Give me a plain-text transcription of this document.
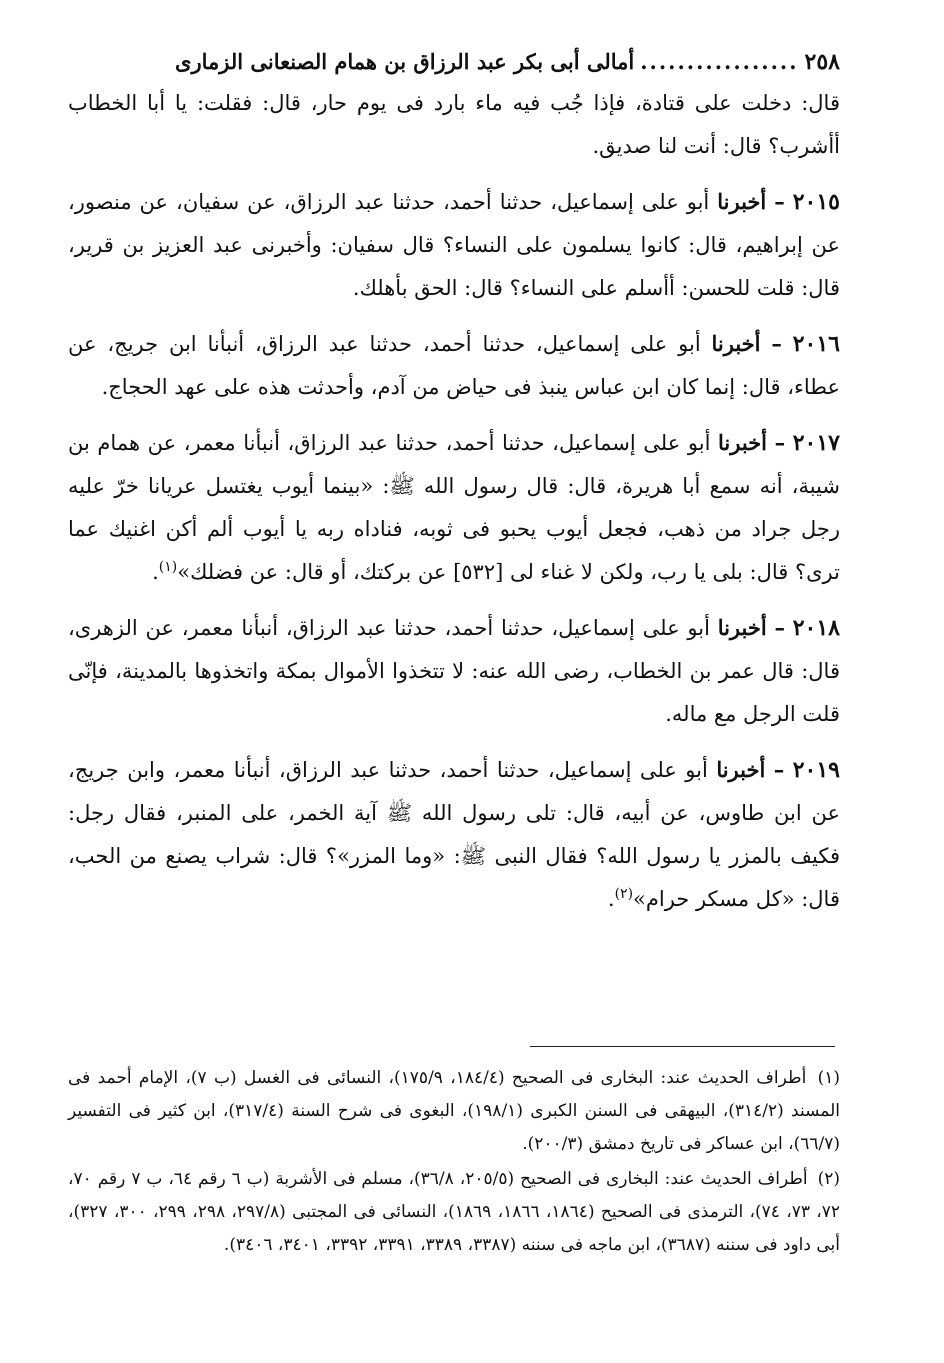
٢٥٨
.................
أمالى أبى بكر عبد الرزاق بن همام الصنعانى الزمارى

قال: دخلت على قتادة، فإذا جُب فيه ماء بارد فى يوم حار، قال: فقلت: يا أبا الخطاب أأشرب؟ قال: أنت لنا صديق.

٢٠١٥ – أخبرنا أبو على إسماعيل، حدثنا أحمد، حدثنا عبد الرزاق، عن سفيان، عن منصور، عن إبراهيم، قال: كانوا يسلمون على النساء؟ قال سفيان: وأخبرنى عبد العزيز بن قرير، قال: قلت للحسن: أأسلم على النساء؟ قال: الحق بأهلك.

٢٠١٦ – أخبرنا أبو على إسماعيل، حدثنا أحمد، حدثنا عبد الرزاق، أنبأنا ابن جريج، عن عطاء، قال: إنما كان ابن عباس ينبذ فى حياض من آدم، وأحدثت هذه على عهد الحجاج.

٢٠١٧ – أخبرنا أبو على إسماعيل، حدثنا أحمد، حدثنا عبد الرزاق، أنبأنا معمر، عن همام بن شيبة، أنه سمع أبا هريرة، قال: قال رسول الله ﷺ: «بينما أيوب يغتسل عريانا خرّ عليه رجل جراد من ذهب، فجعل أيوب يحبو فى ثوبه، فناداه ربه يا أيوب ألم أكن اغنيك عما ترى؟ قال: بلى يا رب، ولكن لا غناء لى [٥٣٢] عن بركتك، أو قال: عن فضلك»$^{(١)}$.

٢٠١٨ – أخبرنا أبو على إسماعيل، حدثنا أحمد، حدثنا عبد الرزاق، أنبأنا معمر، عن الزهرى، قال: قال عمر بن الخطاب، رضى الله عنه: لا تتخذوا الأموال بمكة واتخذوها بالمدينة، فإنّى قلت الرجل مع ماله.

٢٠١٩ – أخبرنا أبو على إسماعيل، حدثنا أحمد، حدثنا عبد الرزاق، أنبأنا معمر، وابن جريج، عن ابن طاوس، عن أبيه، قال: تلى رسول الله ﷺ آية الخمر، على المنبر، فقال رجل: فكيف بالمزر يا رسول الله؟ فقال النبى ﷺ: «وما المزر»؟ قال: شراب يصنع من الحب، قال: «كل مسكر حرام»$^{(٢)}$.

(١) أطراف الحديث عند: البخارى فى الصحيح (١٨٤/٤، ١٧٥/٩)، النسائى فى الغسل (ب ٧)، الإمام أحمد فى المسند (٣١٤/٢)، البيهقى فى السنن الكبرى (١٩٨/١)، البغوى فى شرح السنة (٣١٧/٤)، ابن كثير فى التفسير (٦٦/٧)، ابن عساكر فى تاريخ دمشق (٢٠٠/٣).

(٢) أطراف الحديث عند: البخارى فى الصحيح (٢٠٥/٥، ٣٦/٨)، مسلم فى الأشربة (ب ٦ رقم ٦٤، ب ٧ رقم ٧٠، ٧٢، ٧٣، ٧٤)، الترمذى فى الصحيح (١٨٦٤، ١٨٦٦، ١٨٦٩)، النسائى فى المجتبى (٢٩٧/٨، ٢٩٨، ٢٩٩، ٣٠٠، ٣٢٧)، أبى داود فى سننه (٣٦٨٧)، ابن ماجه فى سننه (٣٣٨٧، ٣٣٨٩، ٣٣٩١، ٣٣٩٢، ٣٤٠١، ٣٤٠٦).
